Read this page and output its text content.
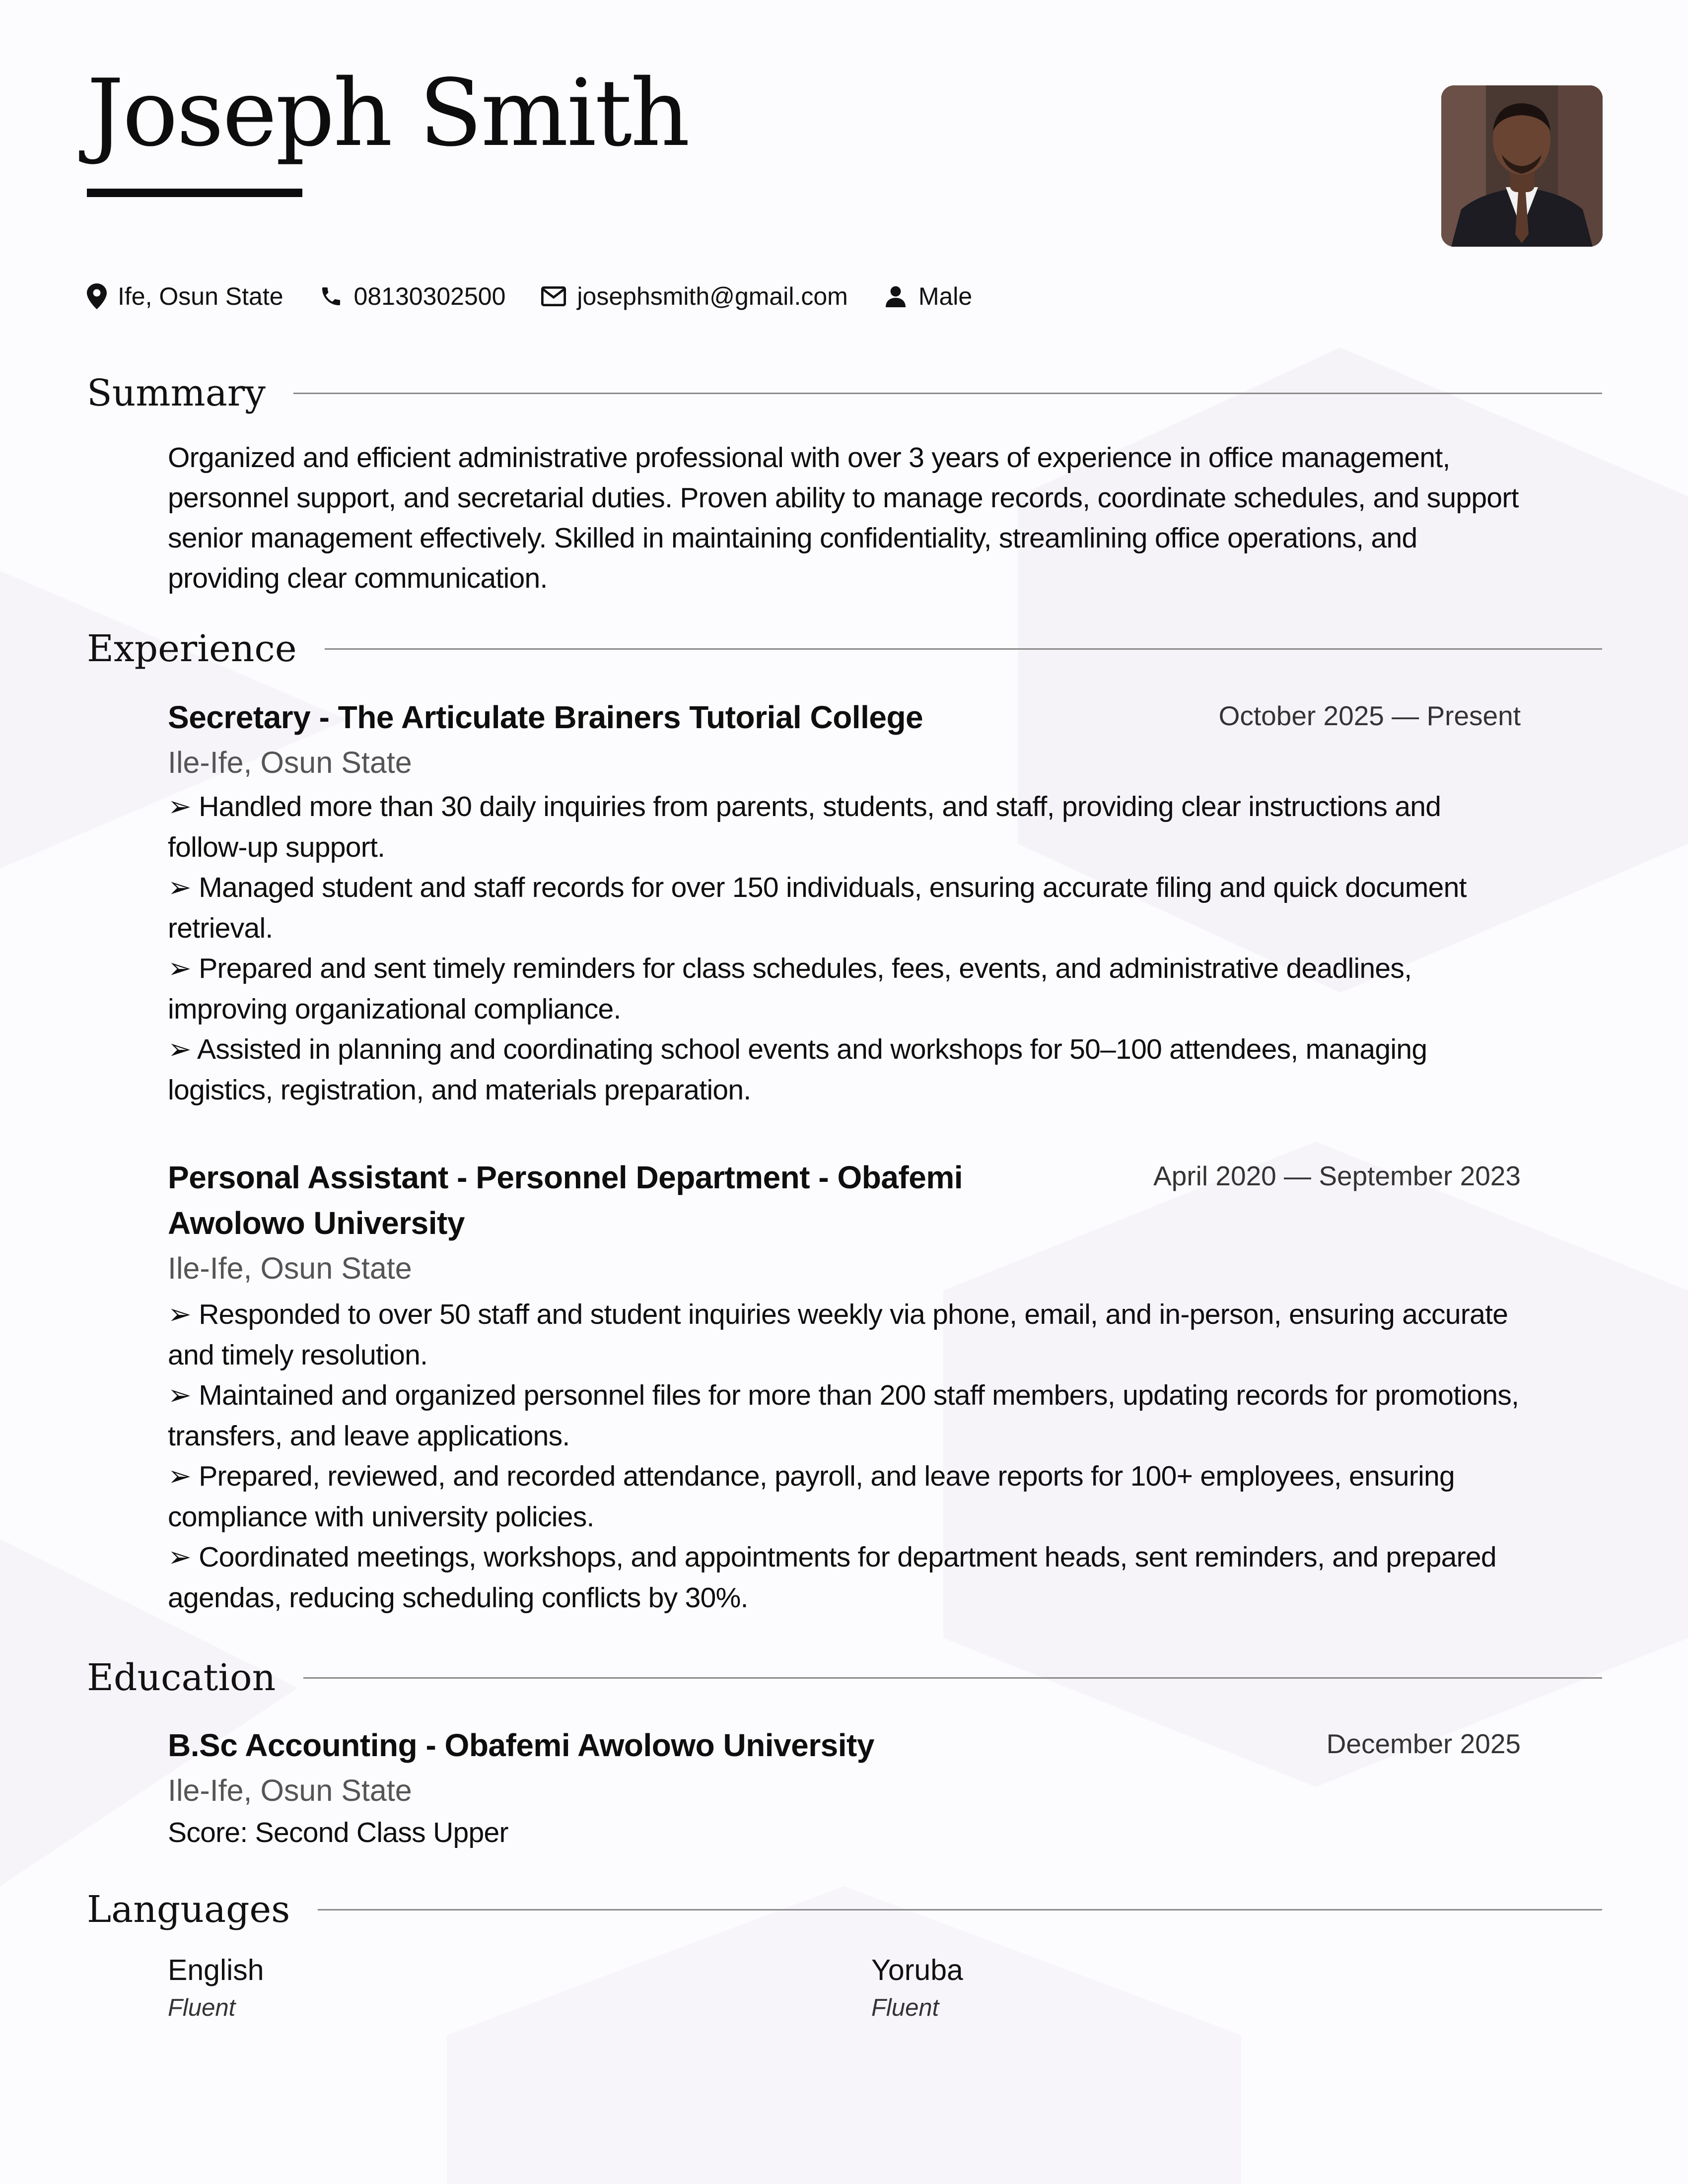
Joseph Smith
Ife, Osun State	08130302500	josephsmith@gmail.com	Male
Summary

Organized and efficient administrative professional with over 3 years of experience in office management, personnel support, and secretarial duties. Proven ability to manage records, coordinate schedules, and support senior management effectively. Skilled in maintaining confidentiality, streamlining office operations, and providing clear communication.

Experience
October 2025 — Present
Secretary - The Articulate Brainers Tutorial College
Ile-Ife, Osun State

➢ Handled more than 30 daily inquiries from parents, students, and staff, providing clear instructions and follow-up support.

➢ Managed student and staff records for over 150 individuals, ensuring accurate filing and quick document retrieval.

➢ Prepared and sent timely reminders for class schedules, fees, events, and administrative deadlines, improving organizational compliance.

➢ Assisted in planning and coordinating school events and workshops for 50–100 attendees, managing logistics, registration, and materials preparation.

April 2020 — September 2023
Personal Assistant - Personnel Department - Obafemi Awolowo University
Ile-Ife, Osun State

➢ Responded to over 50 staff and student inquiries weekly via phone, email, and in-person, ensuring accurate and timely resolution.

➢ Maintained and organized personnel files for more than 200 staff members, updating records for promotions, transfers, and leave applications.

➢ Prepared, reviewed, and recorded attendance, payroll, and leave reports for 100+ employees, ensuring compliance with university policies.

➢ Coordinated meetings, workshops, and appointments for department heads, sent reminders, and prepared agendas, reducing scheduling conflicts by 30%.

Education
December 2025
B.Sc Accounting - Obafemi Awolowo University
Ile-Ife, Osun State
Score: Second Class Upper
Languages
English
Fluent
Yoruba
Fluent
